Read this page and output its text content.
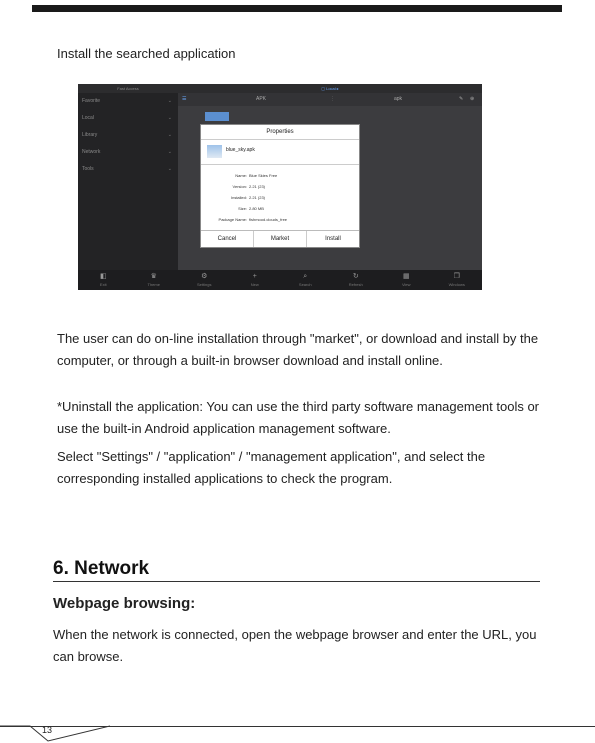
Install the searched application
Fast Access
Favorite	⌄
Local	⌄
Library	⌄
Network	⌄
Tools	⌄
▢ Local ▸
☰	APK	⋮	apk	✎ ⊕
Properties
blue_sky.apk
Name: Blue Skies Free
Version: 2.21 (23)
Installed: 2.21 (23)
Size: 2.80 MB
Package Name: fishmood.clouds_free
Cancel	Market	Install
◧
Exit
♛
Theme
⚙
Settings
+
New
⌕
Search
↻
Refresh
▦
View
❐
Windows
The user can do on-line installation through "market", or download and install by the computer, or through a built-in browser download and install online.
*Uninstall the application: You can use the third party software management tools or use the built-in Android application management software.
Select "Settings" / "application" / "management application", and select the corresponding installed applications to check the program.
6. Network
Webpage browsing:
When the network is connected, open the webpage browser and enter the URL, you can browse.
13
